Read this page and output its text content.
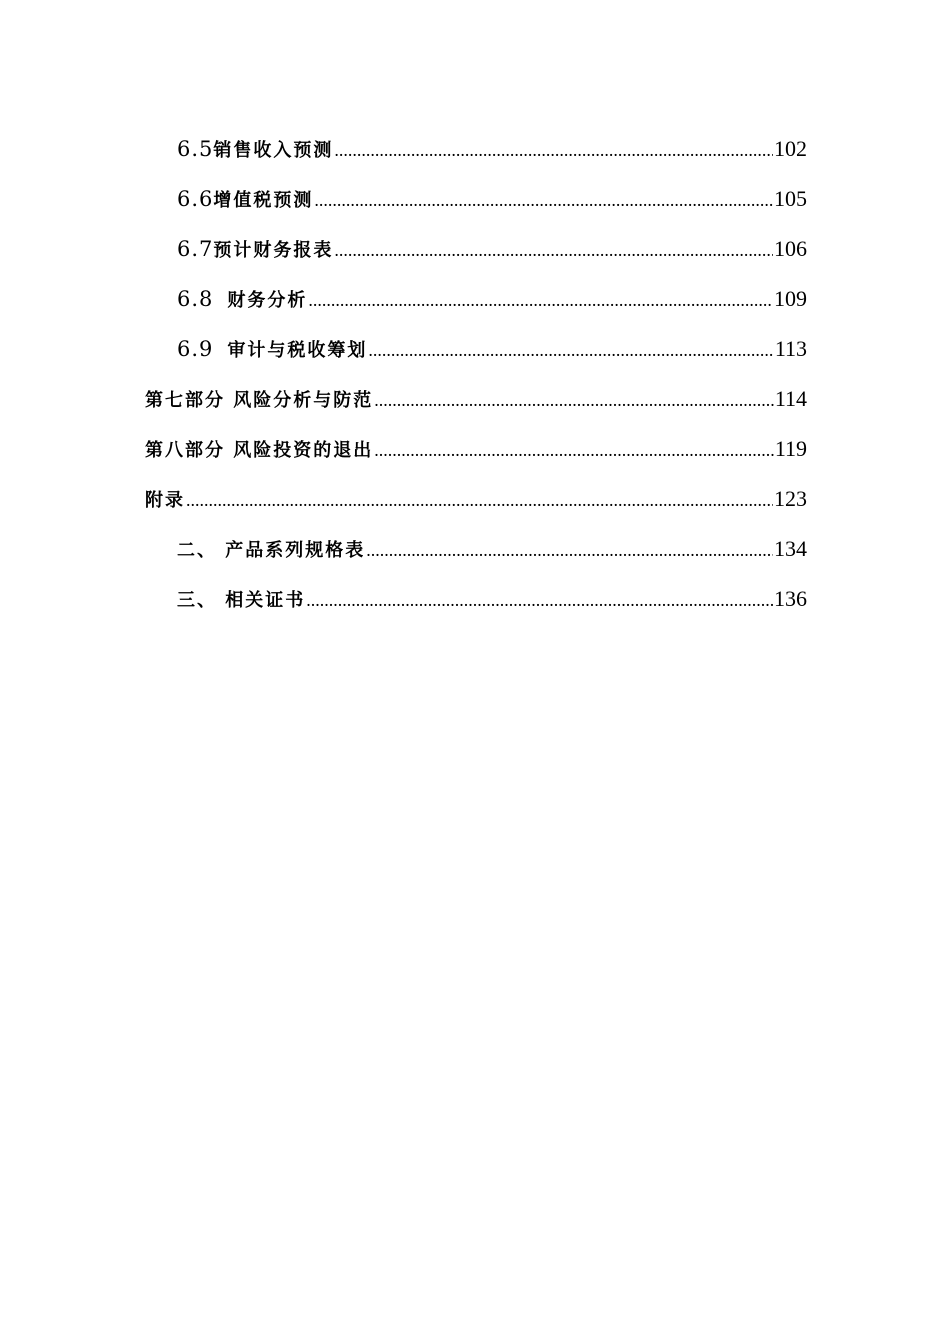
6.5 销售收入预测 .....	102
6.6 增值税预测 .....	105
6.7 预计财务报表 .....	106
6.8 财务分析 .....	109
6.9 审计与税收筹划 .....	113
第七部分 风险分析与防范 .....	114
第八部分 风险投资的退出 .....	119
附录 .....	123
二、 产品系列规格表 .....	134
三、 相关证书 .....	136
